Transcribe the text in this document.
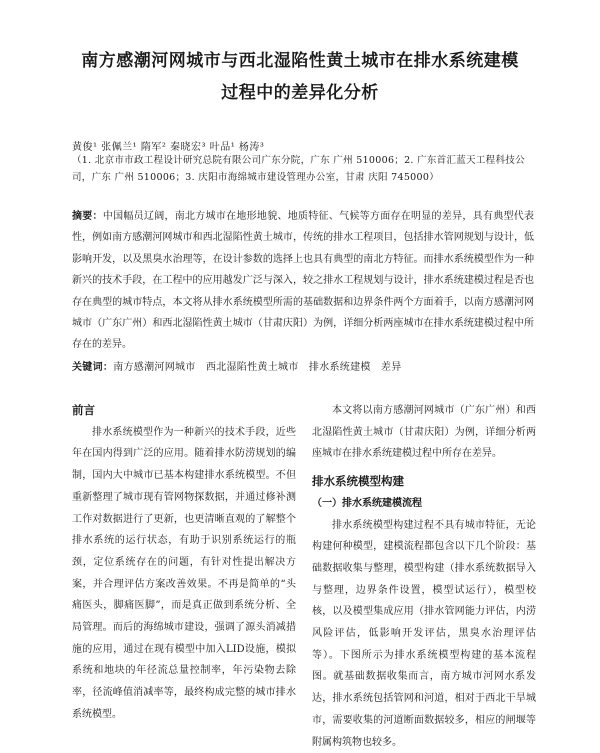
南方感潮河网城市与西北湿陷性黄土城市在排水系统建模
过程中的差异化分析
黄俊¹ 张佩兰¹ 隋军² 秦晓宏³ 叶品¹ 杨涛³
（1. 北京市市政工程设计研究总院有限公司广东分院，广东 广州 510006；2. 广东首汇蓝天工程科技公司，广东 广州 510006；3. 庆阳市海绵城市建设管理办公室，甘肃 庆阳 745000）
摘要：中国幅员辽阔，南北方城市在地形地貌、地质特征、气候等方面存在明显的差异，具有典型代表性，例如南方感潮河网城市和西北湿陷性黄土城市，传统的排水工程项目，包括排水管网规划与设计，低影响开发，以及黑臭水治理等，在设计参数的选择上也具有典型的南北方特征。而排水系统模型作为一种新兴的技术手段，在工程中的应用越发广泛与深入，较之排水工程规划与设计，排水系统建模过程是否也存在典型的城市特点，本文将从排水系统模型所需的基础数据和边界条件两个方面着手，以南方感潮河网城市（广东广州）和西北湿陷性黄土城市（甘肃庆阳）为例，详细分析两座城市在排水系统建模过程中所存在的差异。
关键词：南方感潮河网城市　西北湿陷性黄土城市　排水系统建模　差异
前言

排水系统模型作为一种新兴的技术手段，近些年在国内得到广泛的应用。随着排水防涝规划的编制，国内大中城市已基本构建排水系统模型。不但重新整理了城市现有管网物探数据，并通过修补测工作对数据进行了更新，也更清晰直观的了解整个排水系统的运行状态，有助于识别系统运行的瓶颈，定位系统存在的问题，有针对性提出解决方案，并合理评估方案改善效果。不再是简单的“头痛医头，脚痛医脚”，而是真正做到系统分析、全局管理。而后的海绵城市建设，强调了源头消减措施的应用，通过在现有模型中加入LID设施，模拟系统和地块的年径流总量控制率，年污染物去除率，径流峰值消减率等，最终构成完整的城市排水系统模型。

本文将以南方感潮河网城市（广东广州）和西北湿陷性黄土城市（甘肃庆阳）为例，详细分析两座城市在排水系统建模过程中所存在差异。

排水系统模型构建
（一）排水系统建模流程

排水系统模型构建过程不具有城市特征，无论构建何种模型，建模流程都包含以下几个阶段：基础数据收集与整理，模型构建（排水系统数据导入与整理，边界条件设置，模型试运行），模型校核，以及模型集成应用（排水管网能力评估，内涝风险评估，低影响开发评估，黑臭水治理评估等）。下图所示为排水系统模型构建的基本流程图。就基础数据收集而言，南方城市河网水系发达，排水系统包括管网和河道，相对于西北干旱城市，需要收集的河道断面数据较多，相应的闸堰等附属构筑物也较多。
